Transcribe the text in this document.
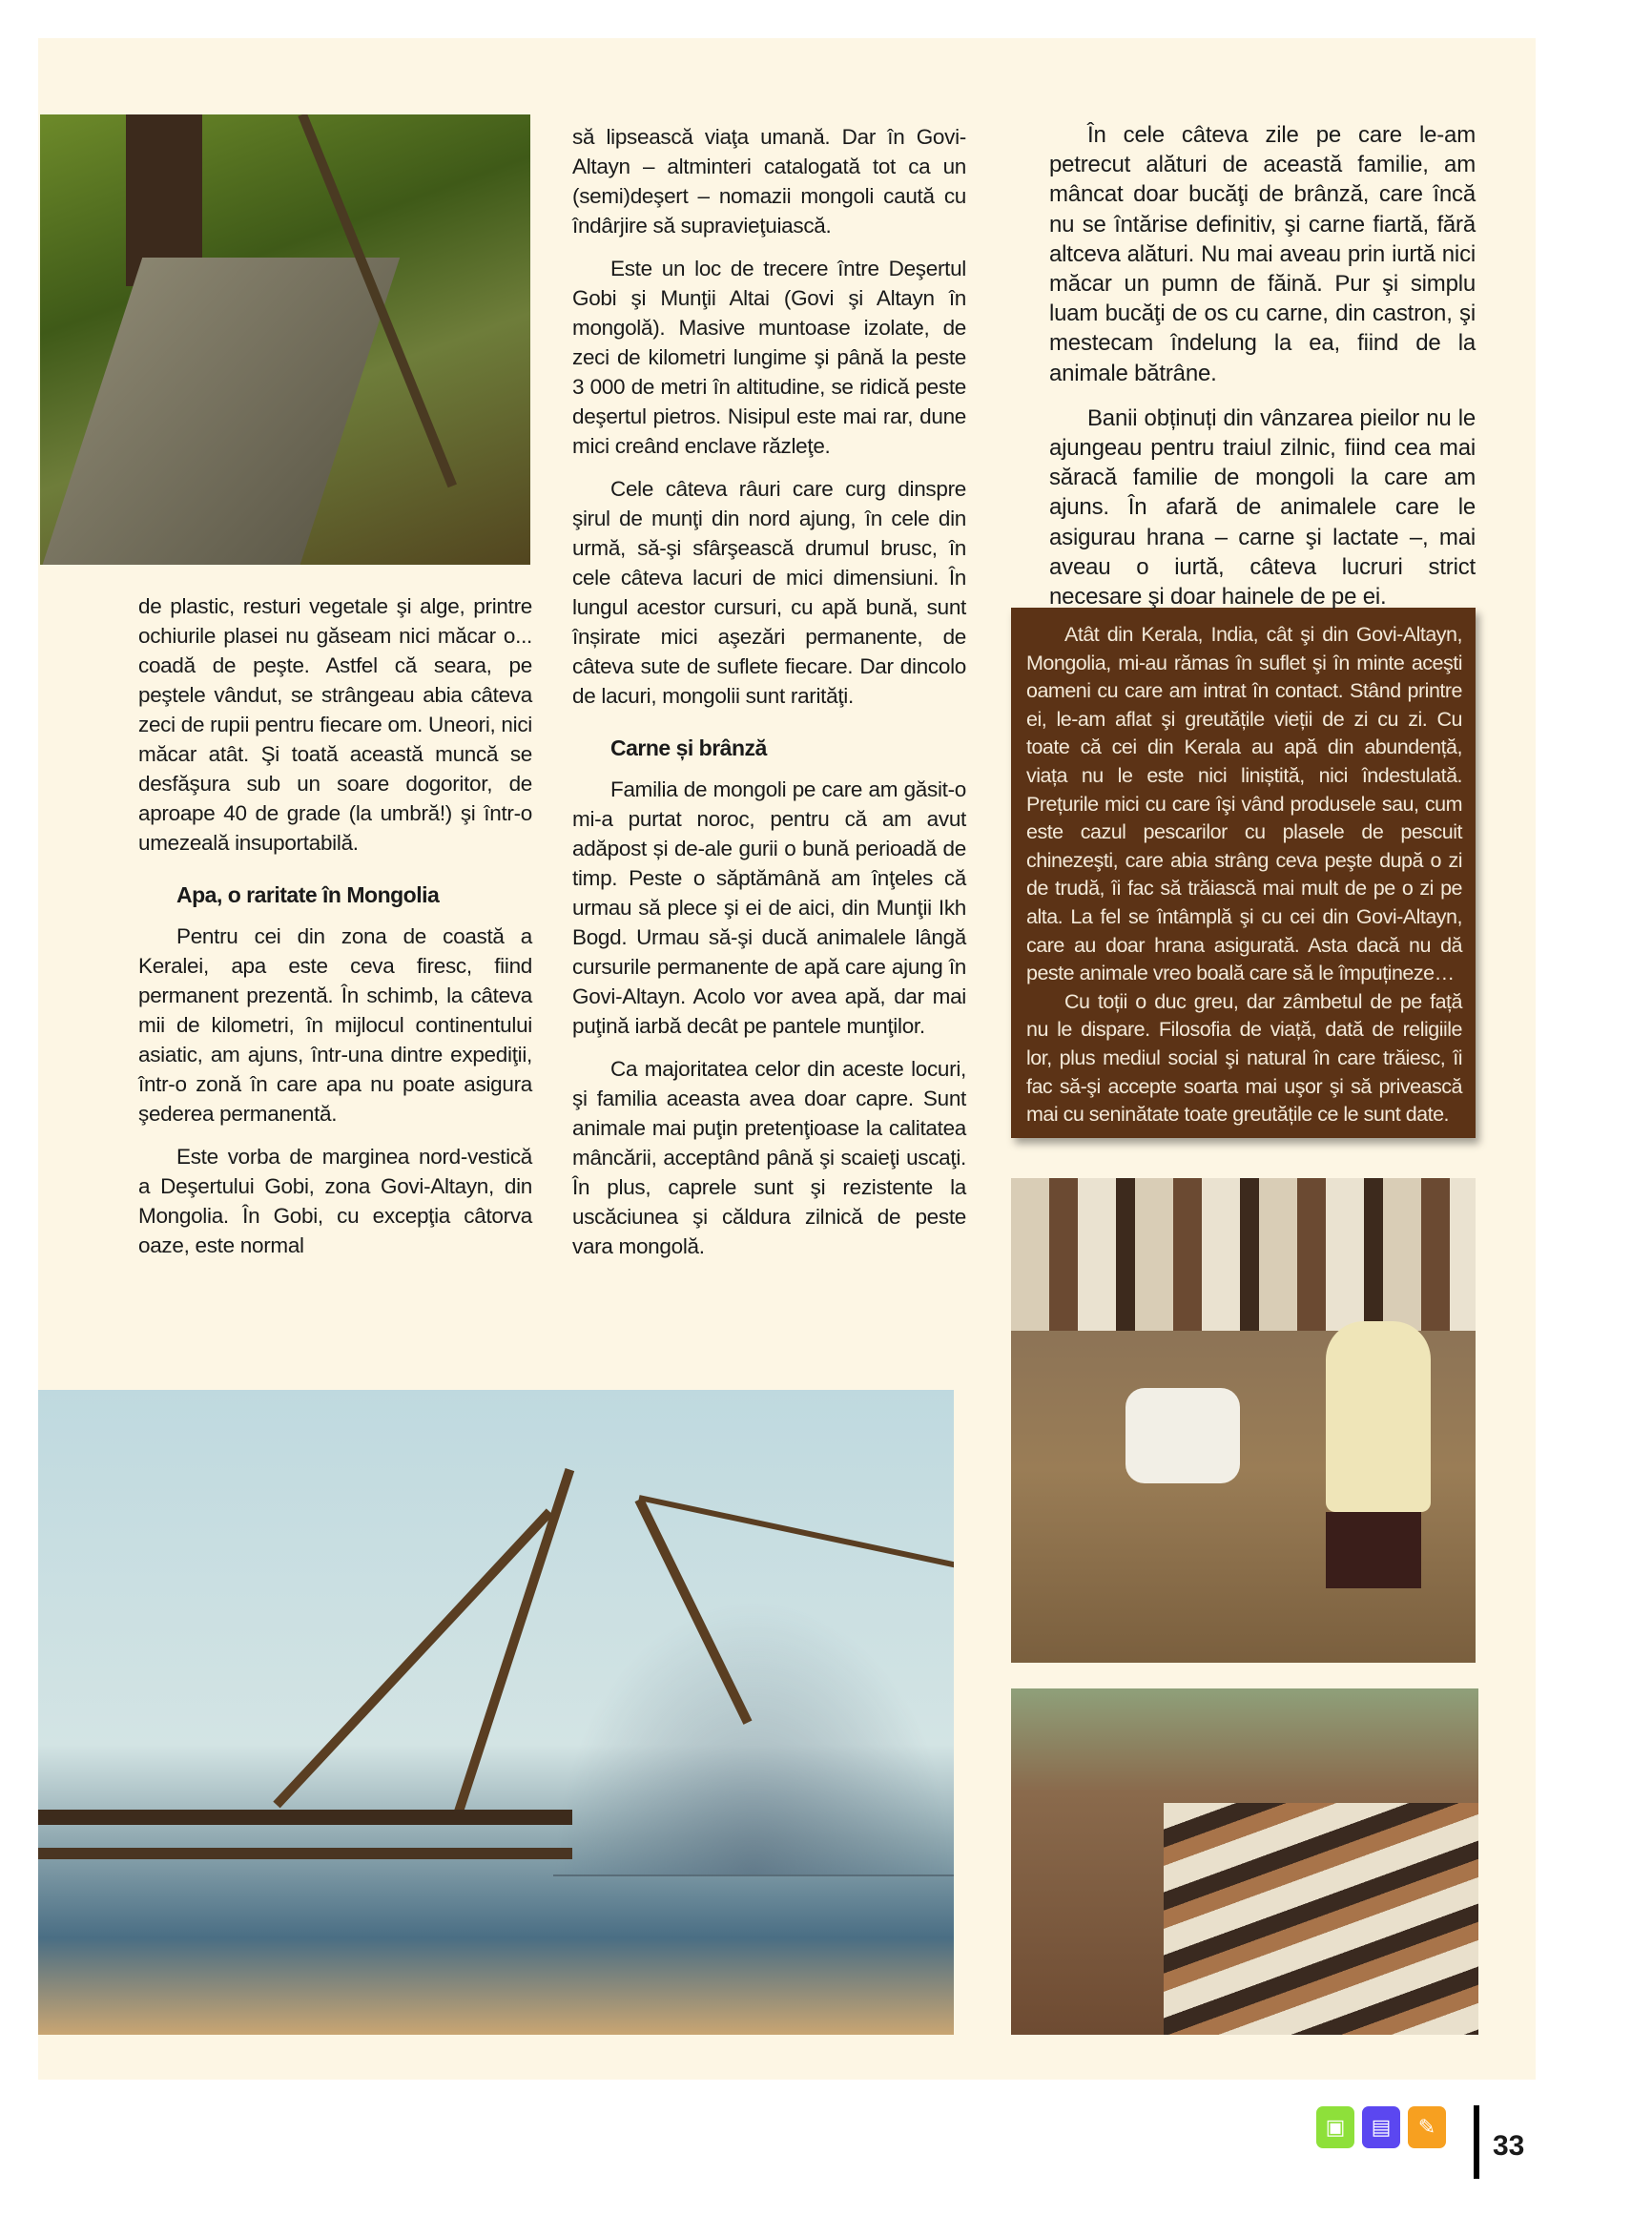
de plastic, resturi vegetale şi alge, printre ochiurile plasei nu găseam nici măcar o... coadă de peşte. Astfel că seara, pe peştele vândut, se strângeau abia câteva zeci de rupii pentru fiecare om. Uneori, nici măcar atât. Şi toată această muncă se desfăşura sub un soare dogoritor, de aproape 40 de grade (la umbră!) şi într-o umezeală insuportabilă.

Apa, o raritate în Mongolia

Pentru cei din zona de coastă a Keralei, apa este ceva firesc, fiind permanent prezentă. În schimb, la câteva mii de kilometri, în mijlocul continentului asiatic, am ajuns, într-una dintre expediţii, într-o zonă în care apa nu poate asigura şederea permanentă.

Este vorba de marginea nord-vestică a Deşertului Gobi, zona Govi-Altayn, din Mongolia. În Gobi, cu excepţia câtorva oaze, este normal

să lipsească viaţa umană. Dar în Govi-Altayn – altminteri catalogată tot ca un (semi)deşert – nomazii mongoli caută cu îndârjire să supravieţuiască.

Este un loc de trecere între Deşertul Gobi şi Munţii Altai (Govi şi Altayn în mongolă). Masive muntoase izolate, de zeci de kilometri lungime şi până la peste 3 000 de metri în altitudine, se ridică peste deşertul pietros. Nisipul este mai rar, dune mici creând enclave răzleţe.

Cele câteva râuri care curg dinspre şirul de munţi din nord ajung, în cele din urmă, să-şi sfârşească drumul brusc, în cele câteva lacuri de mici dimensiuni. În lungul acestor cursuri, cu apă bună, sunt înșirate mici aşezări permanente, de câteva sute de suflete fiecare. Dar dincolo de lacuri, mongolii sunt rarităţi.

Carne și brânză

Familia de mongoli pe care am găsit-o mi-a purtat noroc, pentru că am avut adăpost și de-ale gurii o bună perioadă de timp. Peste o săptămână am înţeles că urmau să plece şi ei de aici, din Munţii Ikh Bogd. Urmau să-şi ducă animalele lângă cursurile permanente de apă care ajung în Govi-Altayn. Acolo vor avea apă, dar mai puţină iarbă decât pe pantele munţilor.

Ca majoritatea celor din aceste locuri, şi familia aceasta avea doar capre. Sunt animale mai puţin pretenţioase la calitatea mâncării, acceptând până şi scaieţi uscaţi. În plus, caprele sunt şi rezistente la uscăciunea şi căldura zilnică de peste vara mongolă.

În cele câteva zile pe care le-am petrecut alături de această familie, am mâncat doar bucăţi de brânză, care încă nu se întărise definitiv, şi carne fiartă, fără altceva alături. Nu mai aveau prin iurtă nici măcar un pumn de făină. Pur şi simplu luam bucăţi de os cu carne, din castron, şi mestecam îndelung la ea, fiind de la animale bătrâne.

Banii obținuți din vânzarea pieilor nu le ajungeau pentru traiul zilnic, fiind cea mai săracă familie de mongoli la care am ajuns. În afară de animalele care le asigurau hrana – carne şi lactate –, mai aveau o iurtă, câteva lucruri strict necesare şi doar hainele de pe ei.

Atât din Kerala, India, cât şi din Govi-Altayn, Mongolia, mi-au rămas în suflet şi în minte aceşti oameni cu care am intrat în contact. Stând printre ei, le-am aflat şi greutățile vieții de zi cu zi. Cu toate că cei din Kerala au apă din abundență, viața nu le este nici liniștită, nici îndestulată. Prețurile mici cu care îşi vând produsele sau, cum este cazul pescarilor cu plasele de pescuit chinezeşti, care abia strâng ceva peşte după o zi de trudă, îi fac să trăiască mai mult de pe o zi pe alta. La fel se întâmplă şi cu cei din Govi-Altayn, care au doar hrana asigurată. Asta dacă nu dă peste animale vreo boală care să le împuținezе…

Cu toții o duc greu, dar zâmbetul de pe față nu le dispare. Filosofia de viață, dată de religiile lor, plus mediul social şi natural în care trăiesc, îi fac să-şi accepte soarta mai uşor şi să privească mai cu seninătate toate greutățile ce le sunt date.

▣	▤	✎
33
